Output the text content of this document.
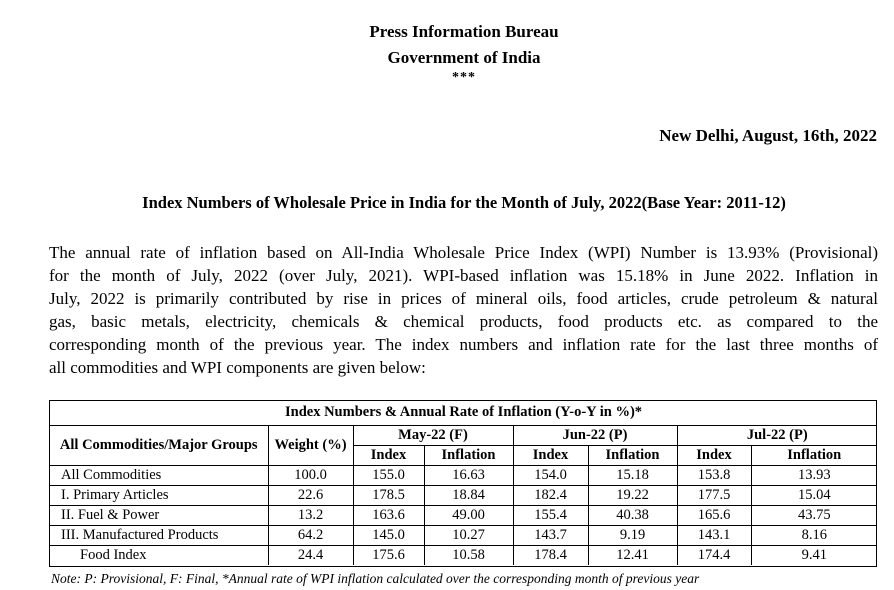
Press Information Bureau
Government of India
***
New Delhi, August, 16th, 2022
Index Numbers of Wholesale Price in India for the Month of July, 2022(Base Year: 2011-12)
The annual rate of inflation based on All-India Wholesale Price Index (WPI) Number is 13.93% (Provisional)
for the month of July, 2022 (over July, 2021). WPI-based inflation was 15.18% in June 2022. Inflation in
July, 2022 is primarily contributed by rise in prices of mineral oils, food articles, crude petroleum & natural
gas, basic metals, electricity, chemicals & chemical products, food products etc. as compared to the
corresponding month of the previous year. The index numbers and inflation rate for the last three months of
all commodities and WPI components are given below:
Index Numbers & Annual Rate of Inflation (Y-o-Y in %)*							
All Commodities/Major Groups	Weight (%)	May-22 (F)		Jun-22 (P)		Jul-22 (P)	
		Index	Inflation	Index	Inflation	Index	Inflation
All Commodities	100.0	155.0	16.63	154.0	15.18	153.8	13.93
I. Primary Articles	22.6	178.5	18.84	182.4	19.22	177.5	15.04
II. Fuel & Power	13.2	163.6	49.00	155.4	40.38	165.6	43.75
III. Manufactured Products	64.2	145.0	10.27	143.7	9.19	143.1	8.16
Food Index	24.4	175.6	10.58	178.4	12.41	174.4	9.41
Note: P: Provisional, F: Final, *Annual rate of WPI inflation calculated over the corresponding month of previous year
